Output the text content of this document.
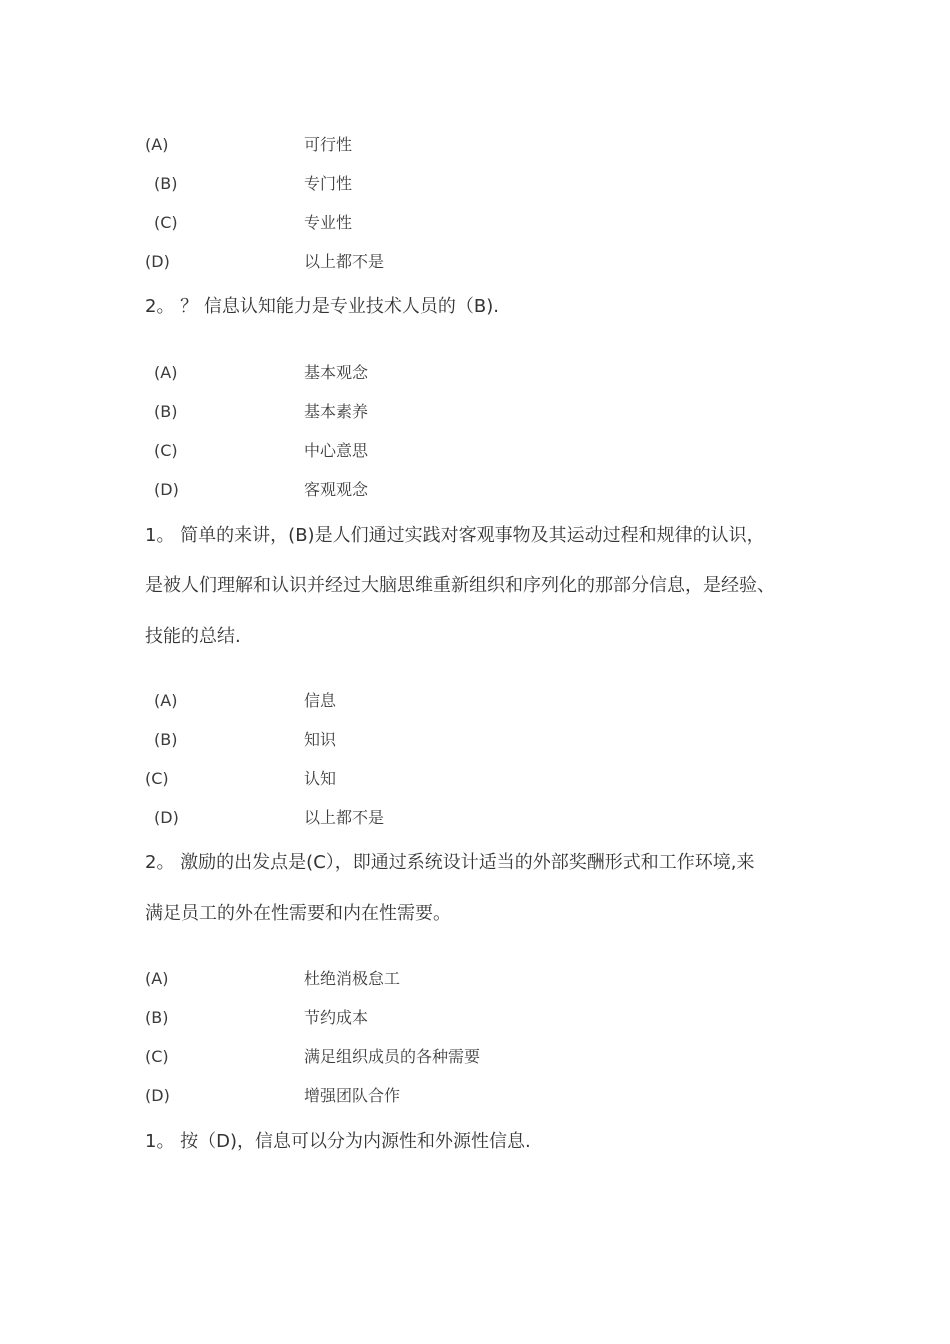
(A)	可行性
(B)	专门性
(C)	专业性
(D)	以上都不是
2。 ？ 信息认知能力是专业技术人员的（B).
(A)	基本观念
(B)	基本素养
(C)	中心意思
(D)	客观观念
1。 简单的来讲，(B)是人们通过实践对客观事物及其运动过程和规律的认识，
是被人们理解和认识并经过大脑思维重新组织和序列化的那部分信息，是经验、
技能的总结.
(A)	信息
(B)	知识
(C)	认知
(D)	以上都不是
2。 激励的出发点是(C），即通过系统设计适当的外部奖酬形式和工作环境,来
满足员工的外在性需要和内在性需要。
(A)	杜绝消极怠工
(B)	节约成本
(C)	满足组织成员的各种需要
(D)	增强团队合作
1。 按（D)，信息可以分为内源性和外源性信息.
